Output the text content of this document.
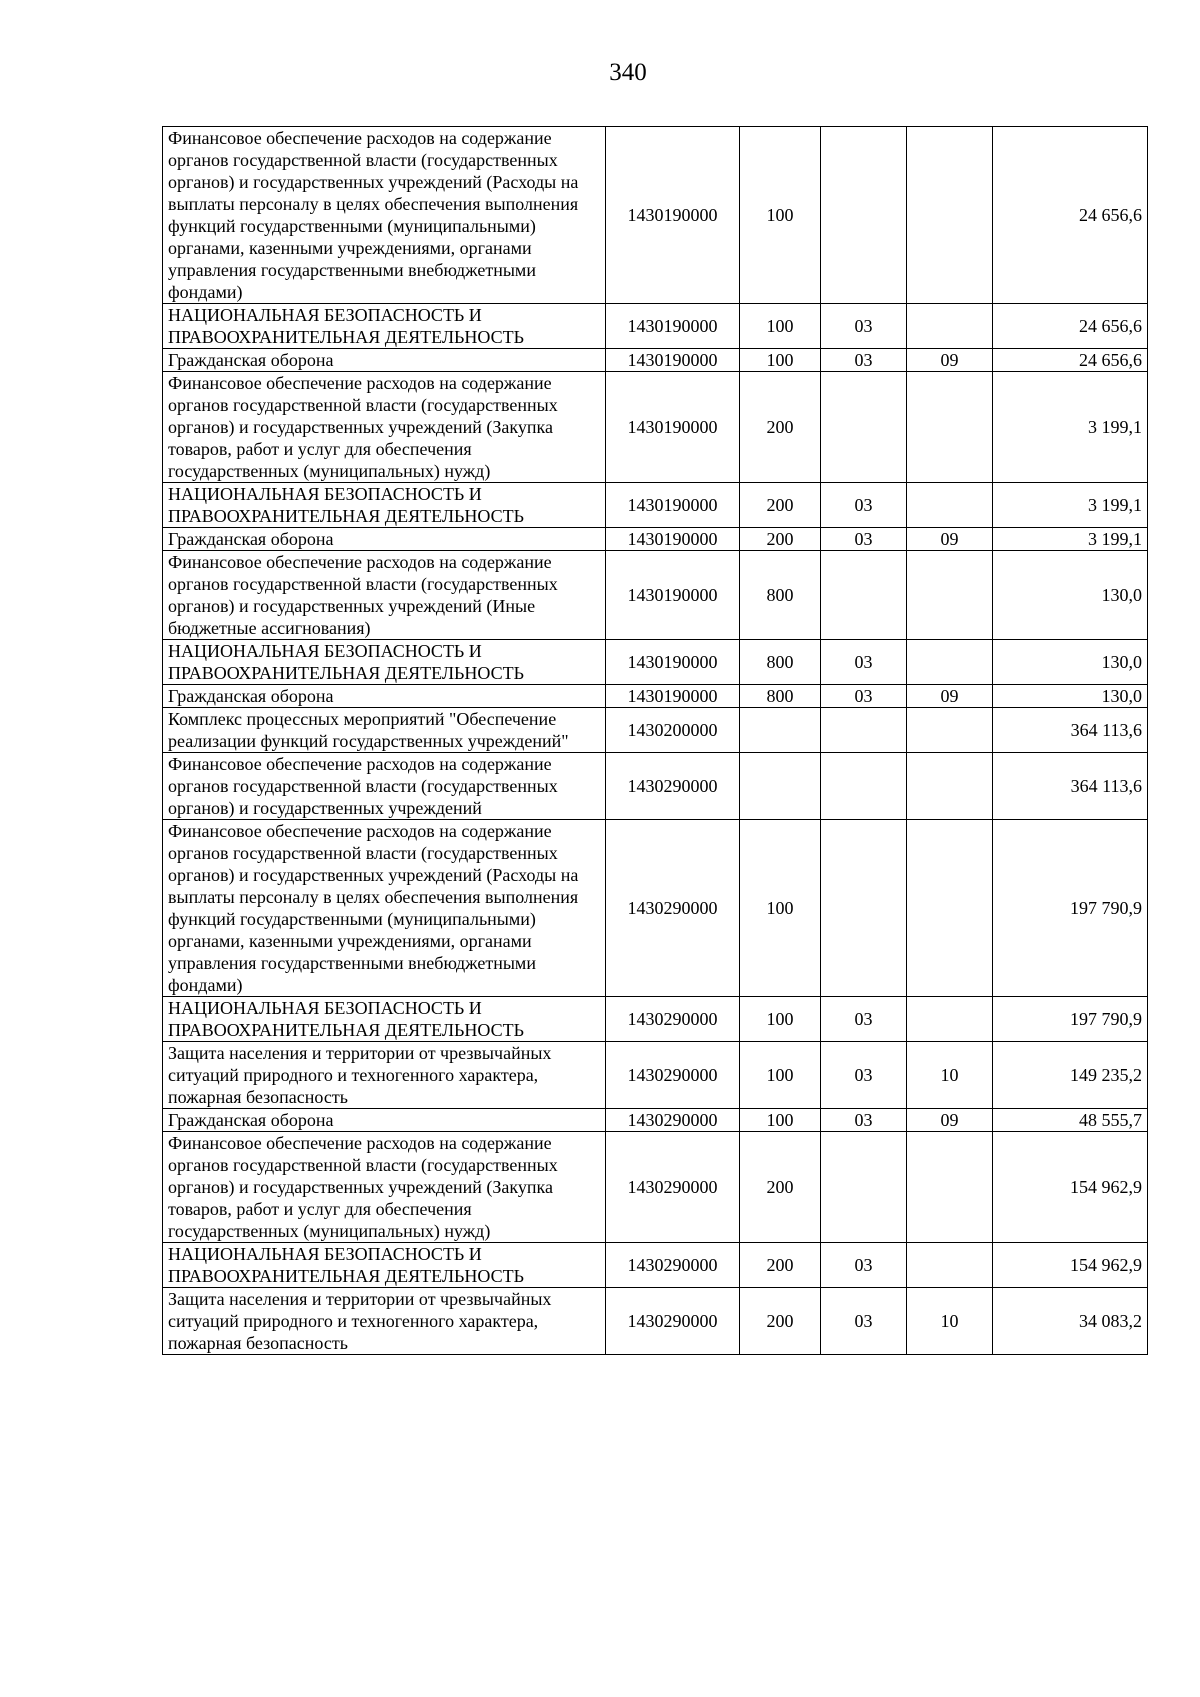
340
Финансовое обеспечение расходов на содержание органов государственной власти (государственных органов) и государственных учреждений (Расходы на выплаты персоналу в целях обеспечения выполнения функций государственными (муниципальными) органами, казенными учреждениями, органами управления государственными внебюджетными фондами)	1430190000	100			24 656,6
НАЦИОНАЛЬНАЯ БЕЗОПАСНОСТЬ И ПРАВООХРАНИТЕЛЬНАЯ ДЕЯТЕЛЬНОСТЬ	1430190000	100	03		24 656,6
Гражданская оборона	1430190000	100	03	09	24 656,6
Финансовое обеспечение расходов на содержание органов государственной власти (государственных органов) и государственных учреждений (Закупка товаров, работ и услуг для обеспечения государственных (муниципальных) нужд)	1430190000	200			3 199,1
НАЦИОНАЛЬНАЯ БЕЗОПАСНОСТЬ И ПРАВООХРАНИТЕЛЬНАЯ ДЕЯТЕЛЬНОСТЬ	1430190000	200	03		3 199,1
Гражданская оборона	1430190000	200	03	09	3 199,1
Финансовое обеспечение расходов на содержание органов государственной власти (государственных органов) и государственных учреждений (Иные бюджетные ассигнования)	1430190000	800			130,0
НАЦИОНАЛЬНАЯ БЕЗОПАСНОСТЬ И ПРАВООХРАНИТЕЛЬНАЯ ДЕЯТЕЛЬНОСТЬ	1430190000	800	03		130,0
Гражданская оборона	1430190000	800	03	09	130,0
Комплекс процессных мероприятий "Обеспечение реализации функций государственных учреждений"	1430200000				364 113,6
Финансовое обеспечение расходов на содержание органов государственной власти (государственных органов) и государственных учреждений	1430290000				364 113,6
Финансовое обеспечение расходов на содержание органов государственной власти (государственных органов) и государственных учреждений (Расходы на выплаты персоналу в целях обеспечения выполнения функций государственными (муниципальными) органами, казенными учреждениями, органами управления государственными внебюджетными фондами)	1430290000	100			197 790,9
НАЦИОНАЛЬНАЯ БЕЗОПАСНОСТЬ И ПРАВООХРАНИТЕЛЬНАЯ ДЕЯТЕЛЬНОСТЬ	1430290000	100	03		197 790,9
Защита населения и территории от чрезвычайных ситуаций природного и техногенного характера, пожарная безопасность	1430290000	100	03	10	149 235,2
Гражданская оборона	1430290000	100	03	09	48 555,7
Финансовое обеспечение расходов на содержание органов государственной власти (государственных органов) и государственных учреждений (Закупка товаров, работ и услуг для обеспечения государственных (муниципальных) нужд)	1430290000	200			154 962,9
НАЦИОНАЛЬНАЯ БЕЗОПАСНОСТЬ И ПРАВООХРАНИТЕЛЬНАЯ ДЕЯТЕЛЬНОСТЬ	1430290000	200	03		154 962,9
Защита населения и территории от чрезвычайных ситуаций природного и техногенного характера, пожарная безопасность	1430290000	200	03	10	34 083,2
